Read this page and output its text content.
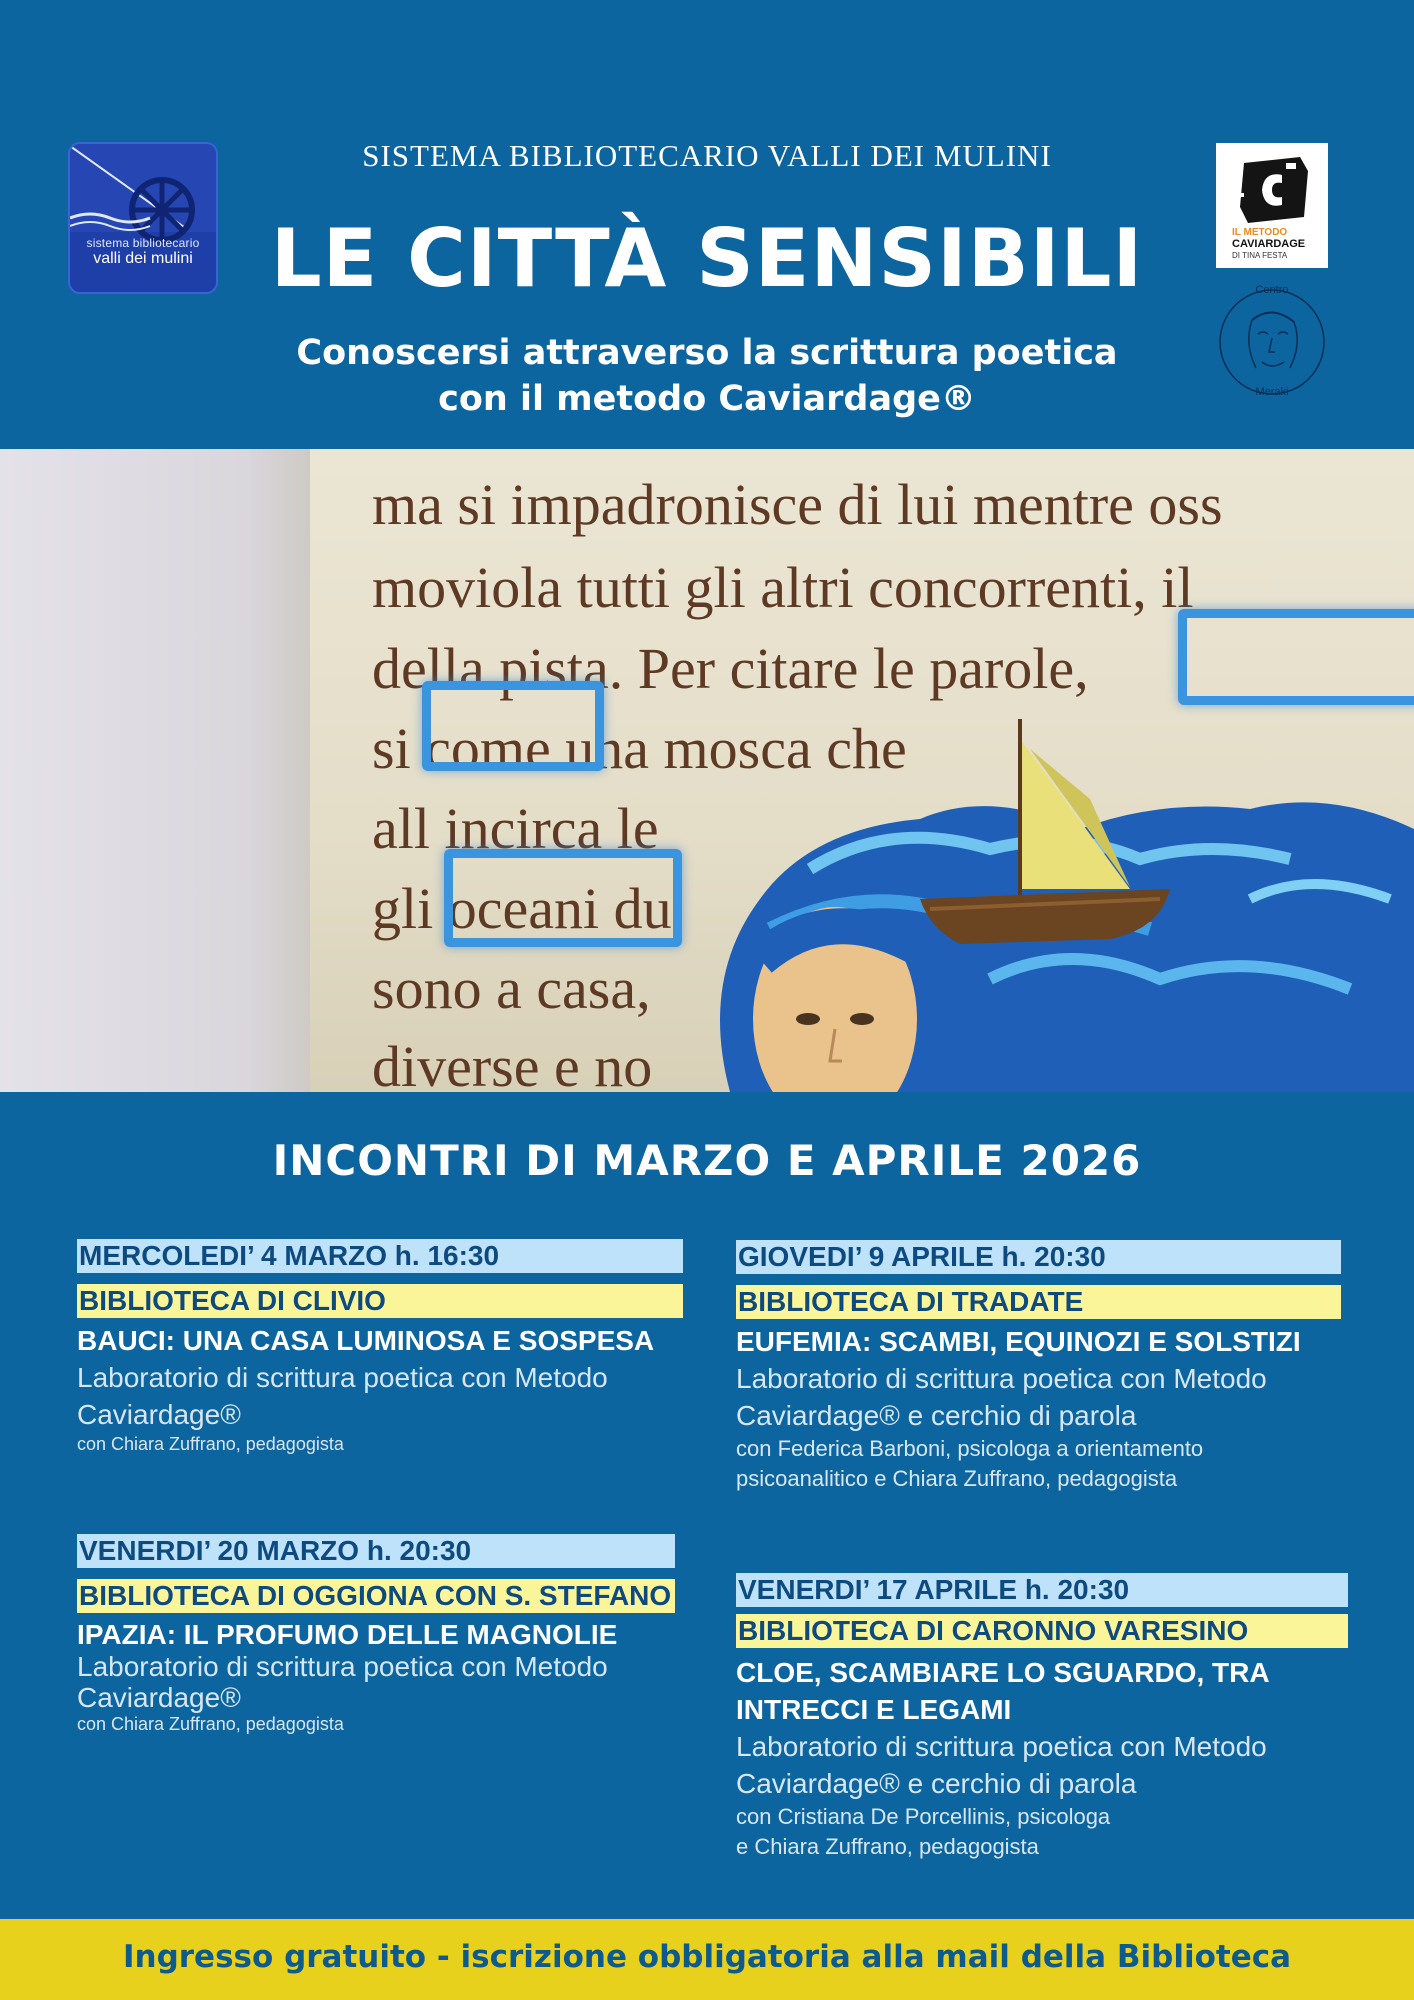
sistema bibliotecario
valli dei mulini
SISTEMA BIBLIOTECARIO VALLI DEI MULINI
LE CITTÀ SENSIBILI
Conoscersi attraverso la scrittura poetica
con il metodo Caviardage®
IL METODO
CAVIARDAGE
DI TINA FESTA
Centro
Meraki
ma si impadronisce di lui mentre oss
moviola tutti gli altri concorrenti, il
della pista. Per citare le parole,
si come una mosca che
all incirca le
gli oceani du
sono a casa,
diverse e no
INCONTRI DI MARZO E APRILE 2026
MERCOLEDI’ 4 MARZO h. 16:30
BIBLIOTECA DI CLIVIO
BAUCI: UNA CASA LUMINOSA E SOSPESA
Laboratorio di scrittura poetica con Metodo Caviardage®
con Chiara Zuffrano, pedagogista
VENERDI’ 20 MARZO h. 20:30
BIBLIOTECA DI OGGIONA CON S. STEFANO
IPAZIA: IL PROFUMO DELLE MAGNOLIE
Laboratorio di scrittura poetica con Metodo Caviardage®
con Chiara Zuffrano, pedagogista
GIOVEDI’ 9 APRILE h. 20:30
BIBLIOTECA DI TRADATE
EUFEMIA: SCAMBI, EQUINOZI E SOLSTIZI
Laboratorio di scrittura poetica con Metodo Caviardage® e cerchio di parola
con Federica Barboni, psicologa a orientamento psicoanalitico e Chiara Zuffrano, pedagogista
VENERDI’ 17 APRILE h. 20:30
BIBLIOTECA DI CARONNO VARESINO
CLOE, SCAMBIARE LO SGUARDO, TRA INTRECCI E LEGAMI
Laboratorio di scrittura poetica con Metodo Caviardage® e cerchio di parola
con Cristiana De Porcellinis, psicologa
e Chiara Zuffrano, pedagogista
Ingresso gratuito - iscrizione obbligatoria alla mail della Biblioteca
